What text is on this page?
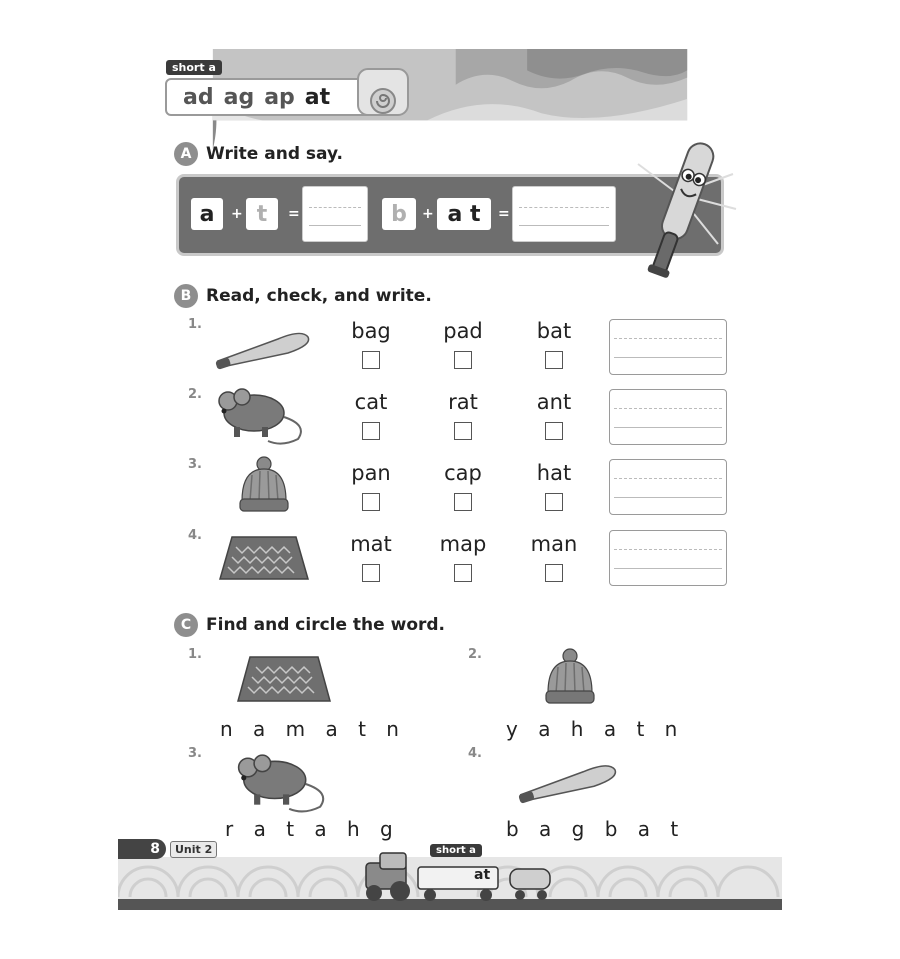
short a
ad ag ap at
A Write and say.
a	+ t	=	b	+ a t	=
B Read, check, and write.
1.	bag	pad	bat
2.	cat	rat	ant
3.	pan	cap	hat
4.	mat	map	man
C Find and circle the word.
1.
n a m a t n
2.
y a h a t n
3.
r a t a h g
4.
b a g b a t
8	Unit 2	short a
at
